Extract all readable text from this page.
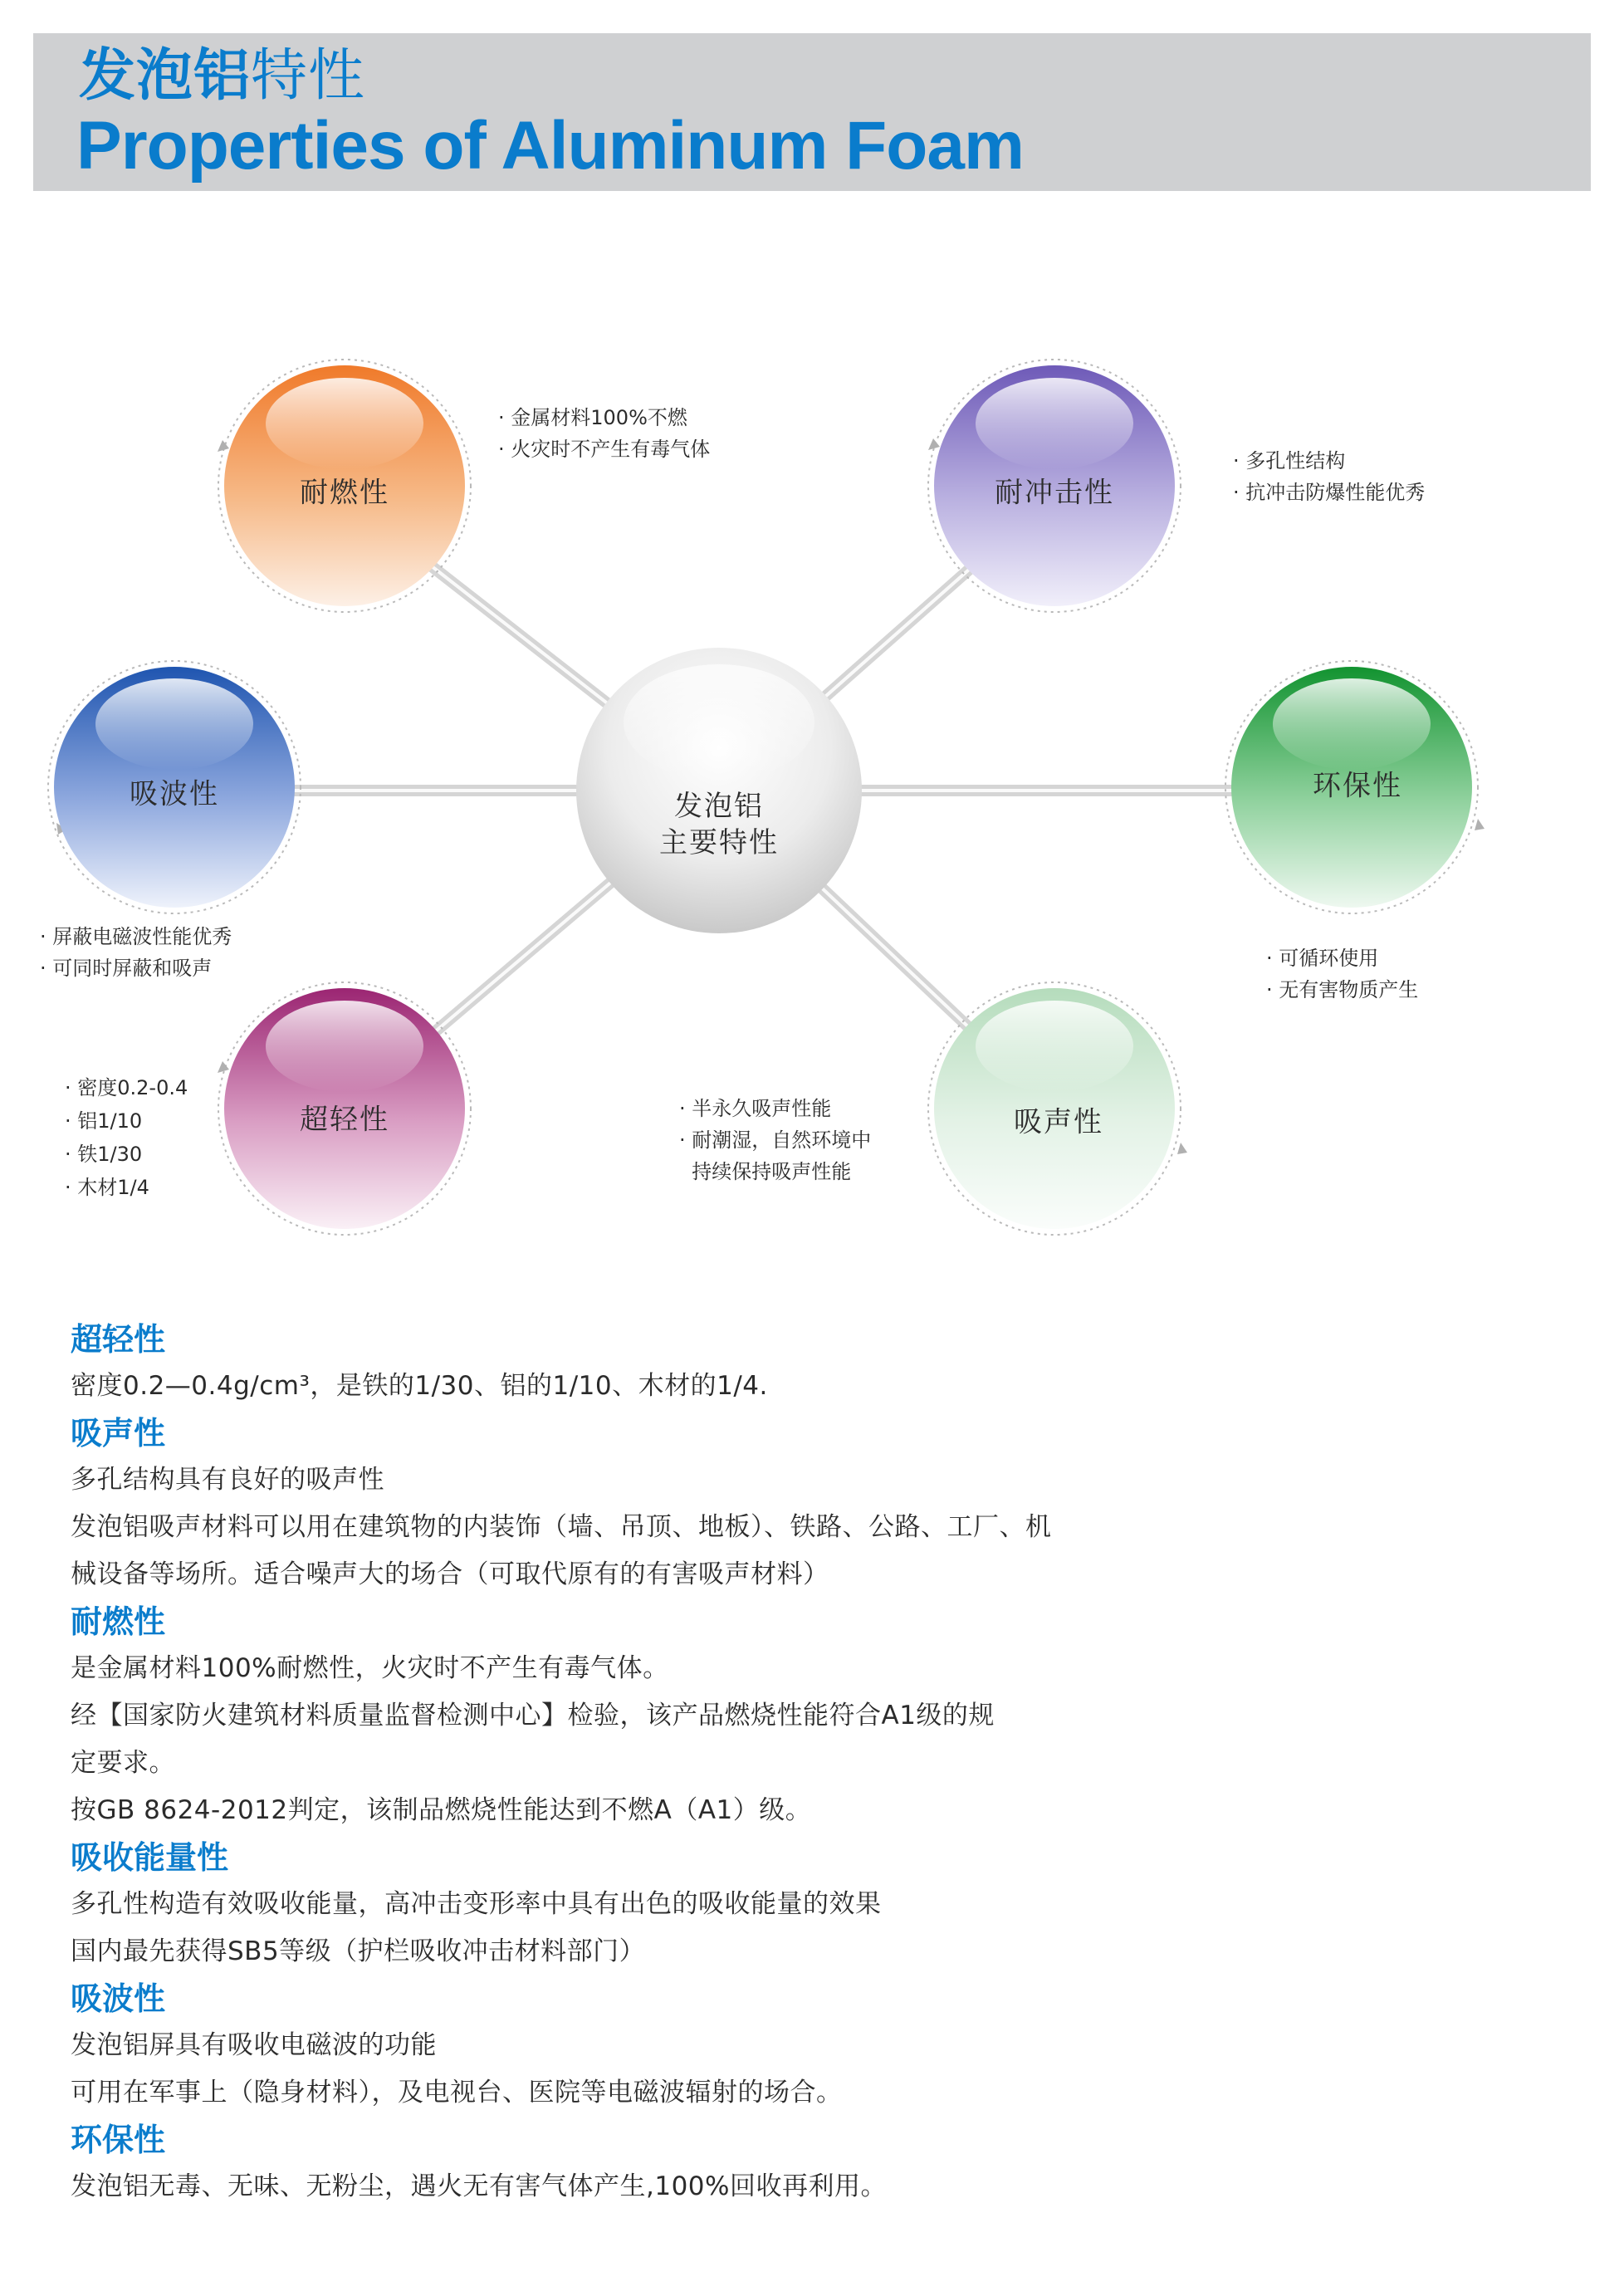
发泡铝特性
Properties of Aluminum Foam
耐燃性	耐冲击性
吸波性	环保性
超轻性	吸声性
发泡铝
主要特性
· 金属材料100%不燃
· 火灾时不产生有毒气体	· 多孔性结构
· 抗冲击防爆性能优秀
· 屏蔽电磁波性能优秀
· 可同时屏蔽和吸声	· 可循环使用
· 无有害物质产生
· 密度0.2-0.4
· 铝1/10
· 铁1/30
· 木材1/4
· 半永久吸声性能
· 耐潮湿，自然环境中
持续保持吸声性能

超轻性

密度0.2—0.4g/cm³，是铁的1/30、铝的1/10、木材的1/4.

吸声性

多孔结构具有良好的吸声性

发泡铝吸声材料可以用在建筑物的内装饰（墙、吊顶、地板）、铁路、公路、工厂、机

械设备等场所。适合噪声大的场合（可取代原有的有害吸声材料）

耐燃性

是金属材料100%耐燃性，火灾时不产生有毒气体。

经【国家防火建筑材料质量监督检测中心】检验，该产品燃烧性能符合A1级的规

定要求。

按GB 8624-2012判定，该制品燃烧性能达到不燃A（A1）级。

吸收能量性

多孔性构造有效吸收能量，高冲击变形率中具有出色的吸收能量的效果

国内最先获得SB5等级（护栏吸收冲击材料部门）

吸波性

发泡铝屏具有吸收电磁波的功能

可用在军事上（隐身材料），及电视台、医院等电磁波辐射的场合。

环保性

发泡铝无毒、无味、无粉尘，遇火无有害气体产生,100%回收再利用。
